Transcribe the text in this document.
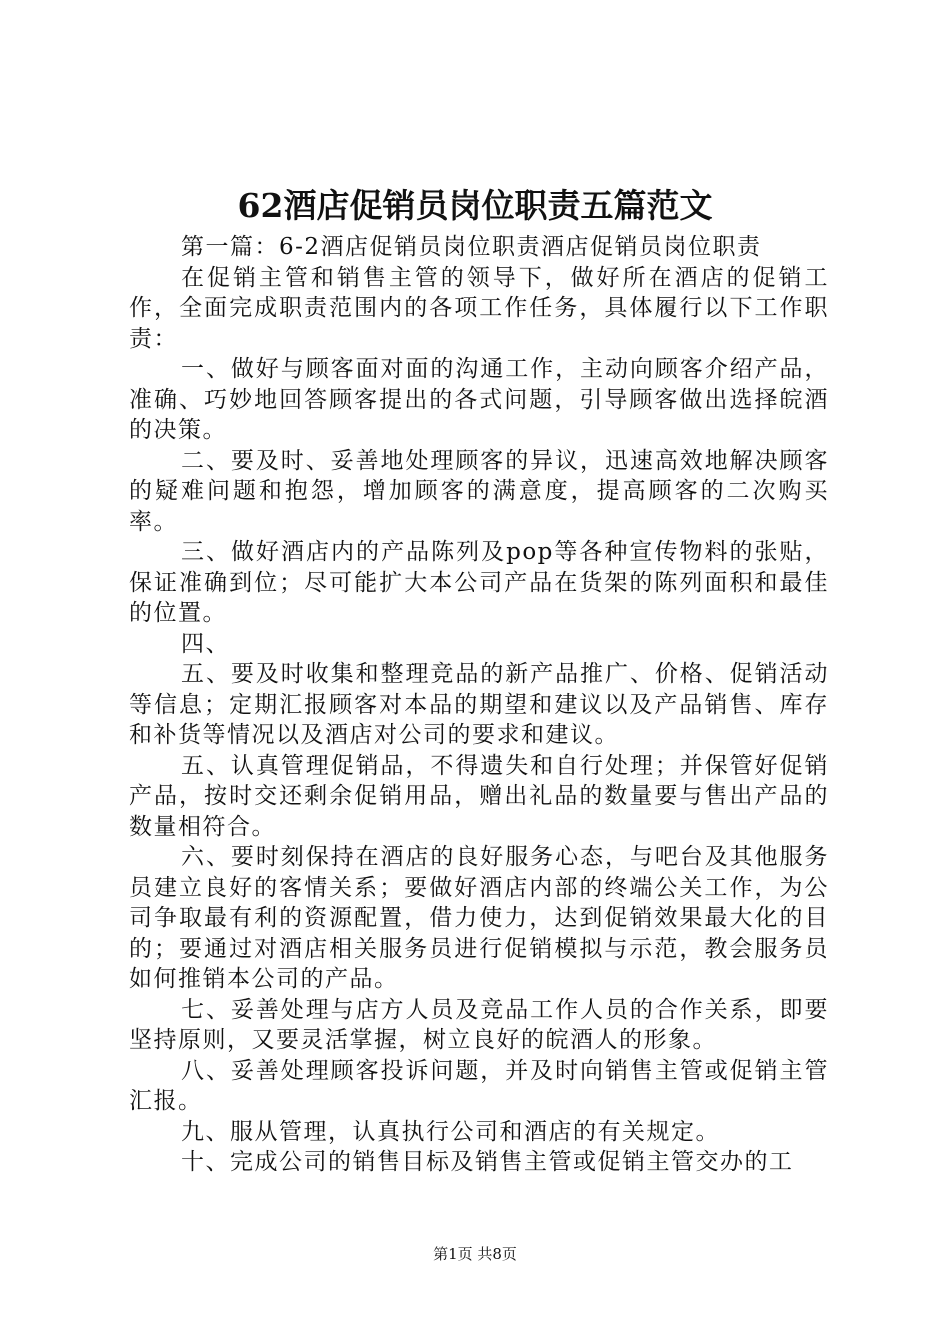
62酒店促销员岗位职责五篇范文

第一篇：6-2酒店促销员岗位职责酒店促销员岗位职责

在促销主管和销售主管的领导下，做好所在酒店的促销工作，全面完成职责范围内的各项工作任务，具体履行以下工作职责：

一、做好与顾客面对面的沟通工作，主动向顾客介绍产品，准确、巧妙地回答顾客提出的各式问题，引导顾客做出选择皖酒的决策。

二、要及时、妥善地处理顾客的异议，迅速高效地解决顾客的疑难问题和抱怨，增加顾客的满意度，提高顾客的二次购买率。

三、做好酒店内的产品陈列及pop等各种宣传物料的张贴，保证准确到位；尽可能扩大本公司产品在货架的陈列面积和最佳的位置。

四、

五、要及时收集和整理竞品的新产品推广、价格、促销活动等信息；定期汇报顾客对本品的期望和建议以及产品销售、库存和补货等情况以及酒店对公司的要求和建议。

五、认真管理促销品，不得遗失和自行处理；并保管好促销产品，按时交还剩余促销用品，赠出礼品的数量要与售出产品的数量相符合。

六、要时刻保持在酒店的良好服务心态，与吧台及其他服务员建立良好的客情关系；要做好酒店内部的终端公关工作，为公司争取最有利的资源配置，借力使力，达到促销效果最大化的目的；要通过对酒店相关服务员进行促销模拟与示范，教会服务员如何推销本公司的产品。

七、妥善处理与店方人员及竞品工作人员的合作关系，即要坚持原则，又要灵活掌握，树立良好的皖酒人的形象。

八、妥善处理顾客投诉问题，并及时向销售主管或促销主管汇报。

九、服从管理，认真执行公司和酒店的有关规定。

十、完成公司的销售目标及销售主管或促销主管交办的工

第1页 共8页
